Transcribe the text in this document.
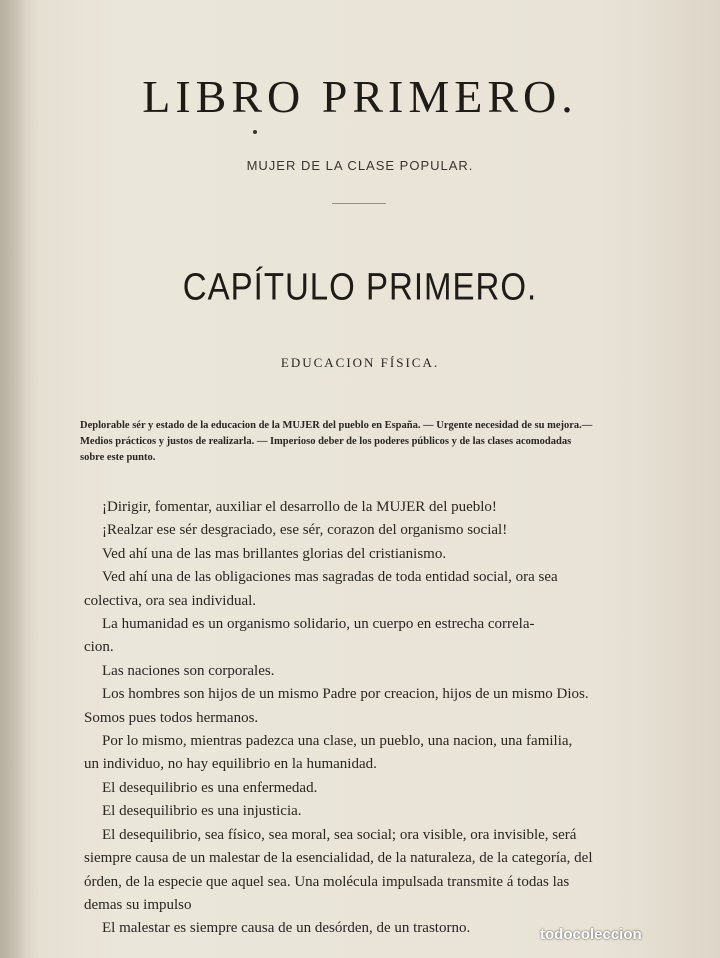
LIBRO PRIMERO.
MUJER DE LA CLASE POPULAR.
CAPÍTULO PRIMERO.
EDUCACION FÍSICA.
Deplorable sér y estado de la educacion de la MUJER del pueblo en España. — Urgente necesidad de su mejora.—
Medios prácticos y justos de realizarla. — Imperioso deber de los poderes públicos y de las clases acomodadas
sobre este punto.
¡Dirigir, fomentar, auxiliar el desarrollo de la MUJER del pueblo!
¡Realzar ese sér desgraciado, ese sér, corazon del organismo social!
Ved ahí una de las mas brillantes glorias del cristianismo.
Ved ahí una de las obligaciones mas sagradas de toda entidad social, ora sea
colectiva, ora sea individual.
La humanidad es un organismo solidario, un cuerpo en estrecha correla-
cion.
Las naciones son corporales.
Los hombres son hijos de un mismo Padre por creacion, hijos de un mismo Dios.
Somos pues todos hermanos.
Por lo mismo, mientras padezca una clase, un pueblo, una nacion, una familia,
un individuo, no hay equilibrio en la humanidad.
El desequilibrio es una enfermedad.
El desequilibrio es una injusticia.
El desequilibrio, sea físico, sea moral, sea social; ora visible, ora invisible, será
siempre causa de un malestar de la esencialidad, de la naturaleza, de la categoría, del
órden, de la especie que aquel sea. Una molécula impulsada transmite á todas las
demas su impulso
El malestar es siempre causa de un desórden, de un trastorno.	todocoleccion
